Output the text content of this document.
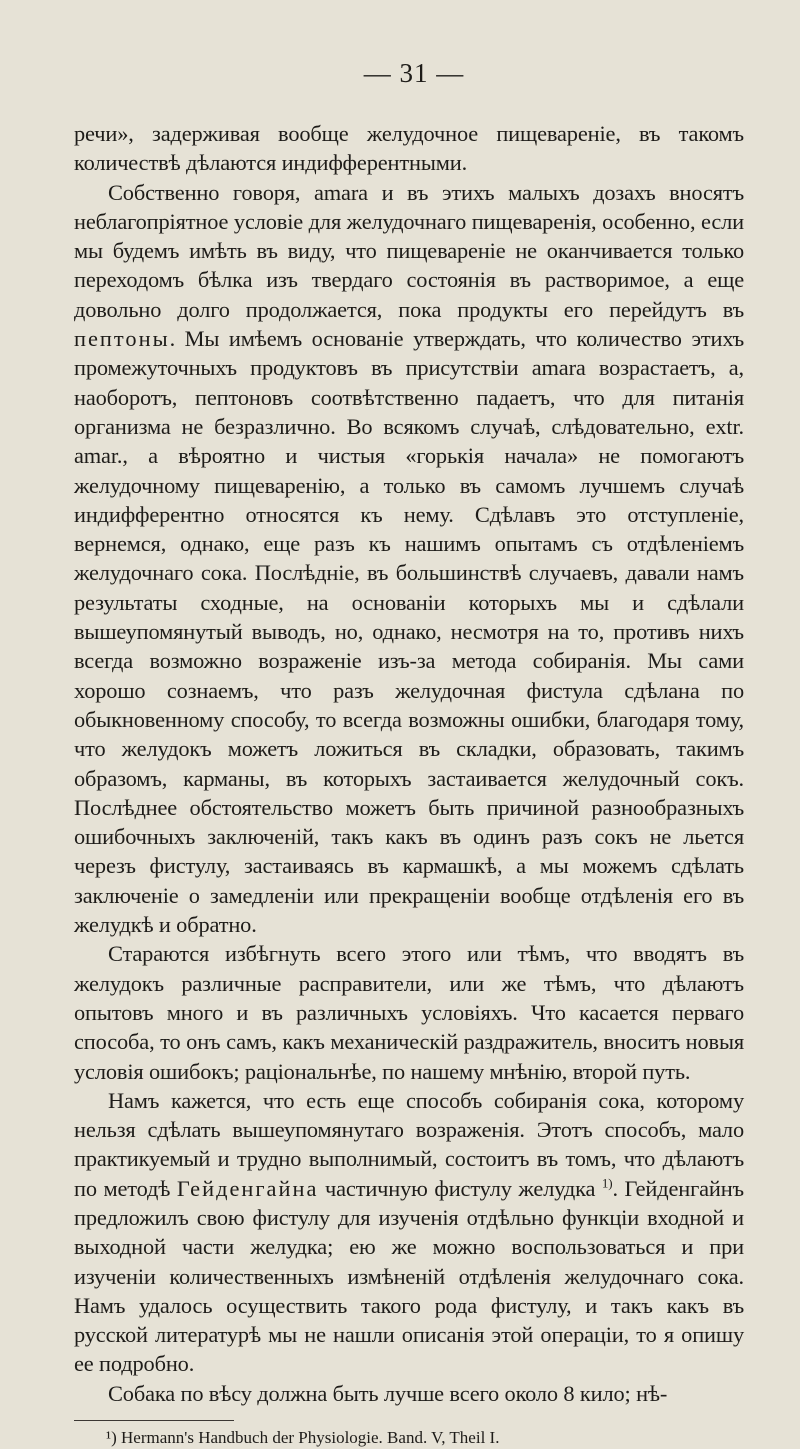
— 31 —

речи», задерживая вообще желудочное пищевареніе, въ такомъ количествѣ дѣлаются индифферентными.

Собственно говоря, amara и въ этихъ малыхъ дозахъ вносятъ неблагопріятное условіе для желудочнаго пищеваренія, особенно, если мы будемъ имѣть въ виду, что пищевареніе не оканчивается только переходомъ бѣлка изъ твердаго состоянія въ растворимое, а еще довольно долго продолжается, пока продукты его перейдутъ въ пептоны. Мы имѣемъ основаніе утверждать, что количество этихъ промежуточныхъ продуктовъ въ присутствіи amara возрастаетъ, а, наоборотъ, пептоновъ соотвѣтственно падаетъ, что для питанія организма не безразлично. Во всякомъ случаѣ, слѣдовательно, extr. amar., а вѣроятно и чистыя «горькія начала» не помогаютъ желудочному пищеваренію, а только въ самомъ лучшемъ случаѣ индифферентно относятся къ нему. Сдѣлавъ это отступленіе, вернемся, однако, еще разъ къ нашимъ опытамъ съ отдѣленіемъ желудочнаго сока. Послѣдніе, въ большинствѣ случаевъ, давали намъ результаты сходные, на основаніи которыхъ мы и сдѣлали вышеупомянутый выводъ, но, однако, несмотря на то, противъ нихъ всегда возможно возраженіе изъ-за метода собиранія. Мы сами хорошо сознаемъ, что разъ желудочная фистула сдѣлана по обыкновенному способу, то всегда возможны ошибки, благодаря тому, что желудокъ можетъ ложиться въ складки, образовать, такимъ образомъ, карманы, въ которыхъ застаивается желудочный сокъ. Послѣднее обстоятельство можетъ быть причиной разнообразныхъ ошибочныхъ заключеній, такъ какъ въ одинъ разъ сокъ не льется черезъ фистулу, застаиваясь въ кармашкѣ, а мы можемъ сдѣлать заключеніе о замедленіи или прекращеніи вообще отдѣленія его въ желудкѣ и обратно.

Стараются избѣгнуть всего этого или тѣмъ, что вводятъ въ желудокъ различные расправители, или же тѣмъ, что дѣлаютъ опытовъ много и въ различныхъ условіяхъ. Что касается перваго способа, то онъ самъ, какъ механическій раздражитель, вноситъ новыя условія ошибокъ; раціональнѣе, по нашему мнѣнію, второй путь.

Намъ кажется, что есть еще способъ собиранія сока, которому нельзя сдѣлать вышеупомянутаго возраженія. Этотъ способъ, мало практикуемый и трудно выполнимый, состоитъ въ томъ, что дѣлаютъ по методѣ Гейденгайна частичную фистулу желудка $^{1)}$. Гейденгайнъ предложилъ свою фистулу для изученія отдѣльно функціи входной и выходной части желудка; ею же можно воспользоваться и при изученіи количественныхъ измѣненій отдѣленія желудочнаго сока. Намъ удалось осуществить такого рода фистулу, и такъ какъ въ русской литературѣ мы не нашли описанія этой операціи, то я опишу ее подробно.

Собака по вѣсу должна быть лучше всего около 8 кило; нѣ-

¹) Hermann's Handbuch der Physiologie. Band. V, Theil I.
